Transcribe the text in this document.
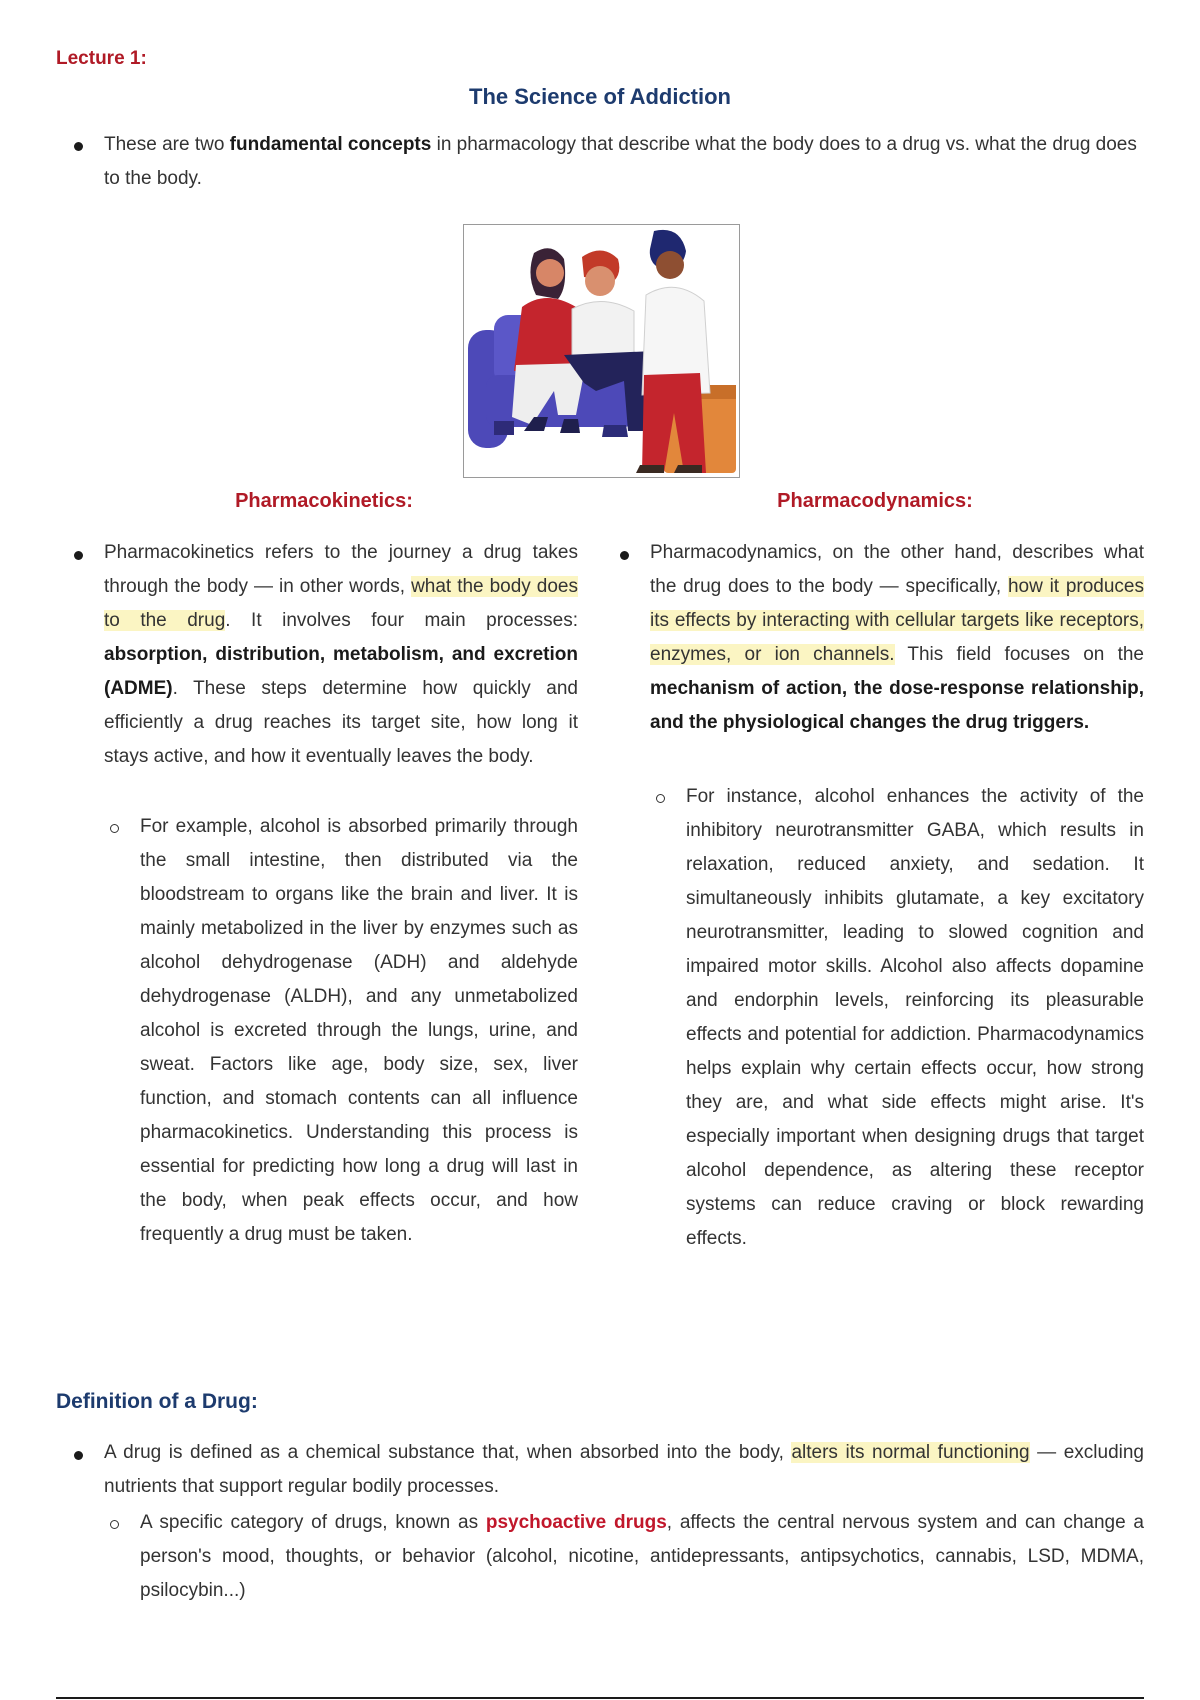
Lecture 1:
The Science of Addiction

These are two fundamental concepts in pharmacology that describe what the body does to a drug vs. what the drug does to the body.

Pharmacokinetics:	Pharmacodynamics:

Pharmacokinetics refers to the journey a drug takes through the body — in other words, what the body does to the drug. It involves four main processes: absorption, distribution, metabolism, and excretion (ADME). These steps determine how quickly and efficiently a drug reaches its target site, how long it stays active, and how it eventually leaves the body.

For example, alcohol is absorbed primarily through the small intestine, then distributed via the bloodstream to organs like the brain and liver. It is mainly metabolized in the liver by enzymes such as alcohol dehydrogenase (ADH) and aldehyde dehydrogenase (ALDH), and any unmetabolized alcohol is excreted through the lungs, urine, and sweat. Factors like age, body size, sex, liver function, and stomach contents can all influence pharmacokinetics. Understanding this process is essential for predicting how long a drug will last in the body, when peak effects occur, and how frequently a drug must be taken.

Pharmacodynamics, on the other hand, describes what the drug does to the body — specifically, how it produces its effects by interacting with cellular targets like receptors, enzymes, or ion channels. This field focuses on the mechanism of action, the dose-response relationship, and the physiological changes the drug triggers.

For instance, alcohol enhances the activity of the inhibitory neurotransmitter GABA, which results in relaxation, reduced anxiety, and sedation. It simultaneously inhibits glutamate, a key excitatory neurotransmitter, leading to slowed cognition and impaired motor skills. Alcohol also affects dopamine and endorphin levels, reinforcing its pleasurable effects and potential for addiction. Pharmacodynamics helps explain why certain effects occur, how strong they are, and what side effects might arise. It's especially important when designing drugs that target alcohol dependence, as altering these receptor systems can reduce craving or block rewarding effects.

Definition of a Drug:

A drug is defined as a chemical substance that, when absorbed into the body, alters its normal functioning — excluding nutrients that support regular bodily processes.

A specific category of drugs, known as psychoactive drugs, affects the central nervous system and can change a person's mood, thoughts, or behavior (alcohol, nicotine, antidepressants, antipsychotics, cannabis, LSD, MDMA, psilocybin...)
